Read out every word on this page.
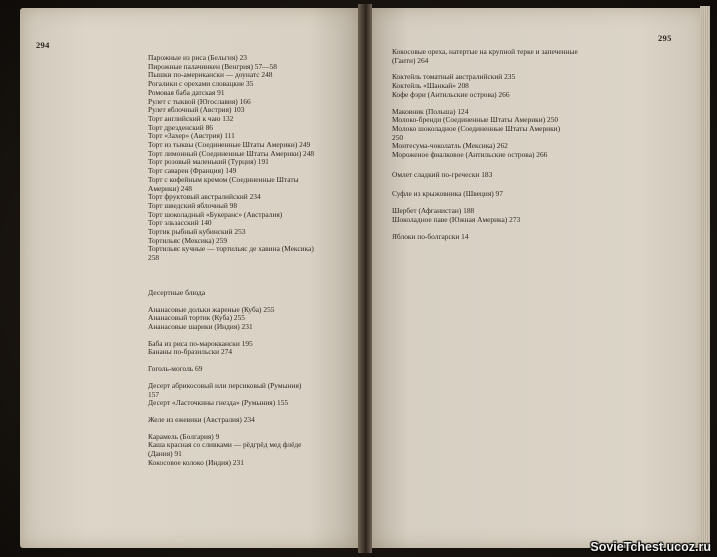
294
295
Парожные из риса (Бельгия) 23
Пирожные палачинкен (Венгрия) 57—58
Пышки по-американски — доунатс 248
Рогалики с орехами словацкие 35
Ромовая баба датская 91
Рулет с тыквой (Югославия) 166
Рулет яблочный (Австрия) 103
Торт английский к чаю 132
Торт дрезденский 86
Торт «Захер» (Австрия) 111
Торт из тыквы (Соединенные Штаты Америки) 249
Торт лимонный (Соединенные Штаты Америки) 248
Торт розовый маленький (Турция) 191
Торт саварен (Франция) 149
Торт с кофейным кремом (Соединенные Штаты
Америки) 248
Торт фруктовый австралийский 234
Торт шведский яблочный 98
Торт шоколадный «Букеранс» (Австралия)
Торт эльзасский 140
Тортик рыбный кубинский 253
Тортильяс (Мексика) 259
Тортильяс кучные — тортильяс де хавина (Мексика)
258
Десертные блюда
Ананасовые дольки жареные (Куба) 255
Ананасовый тортик (Куба) 255
Ананасовые шарики (Индия) 231
Баба из риса по-мароккански 195
Бананы по-бразильски 274
Гоголь-моголь 69
Десерт абрикосовый или персиковый (Румыния)
157
Десерт «Ласточкины гнезда» (Румыния) 155
Желе из ежевики (Австралия) 234
Карамель (Болгария) 9
Каша красная со сливками — рёдгрёд мед флёде
(Дания) 91
Кокосовое колоко (Индия) 231
Кокосовые ореха, натертые на крупной терке и запеченные
(Гаити) 264
Коктейль томатный австралийский 235
Коктейль «Шанкай» 208
Кофе фэри (Антильские острова) 266
Маковник (Польша) 124
Молоко-бренди (Соединенные Штаты Америки) 250
Молоко шоколадное (Соединенные Штаты Америки)
250
Монтесума-чоколатль (Мексика) 262
Мороженое фиалковое (Антильские острова) 266
Омлет сладкий по-гречески 183
Суфле из крыжовника (Швеция) 97
Шербет (Афганистан) 188
Шоколадное паве (Южная Америка) 273
Яблоки по-болгарски 14
SovieTchest.ucoz.ru
